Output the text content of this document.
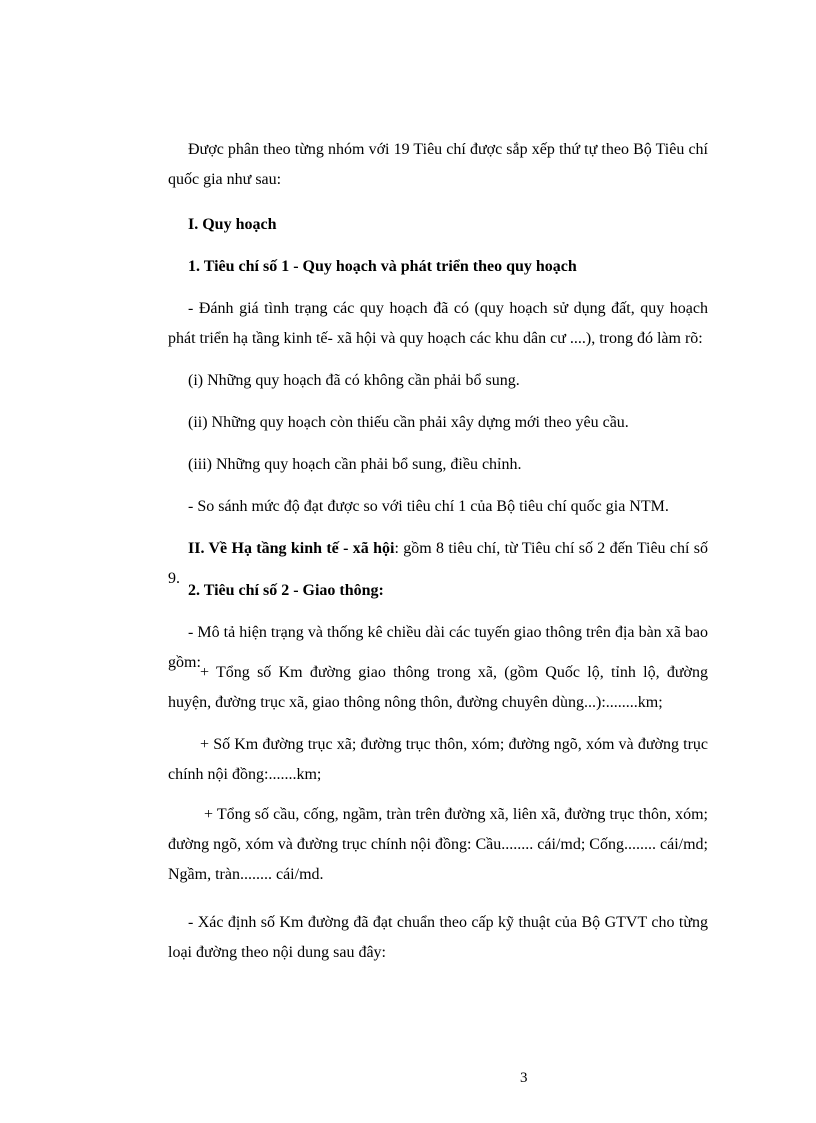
Được phân theo từng nhóm với 19 Tiêu chí được sắp xếp thứ tự theo Bộ Tiêu chí quốc gia như sau:

I. Quy hoạch

1. Tiêu chí số 1 - Quy hoạch và phát triển theo quy hoạch

- Đánh giá tình trạng các quy hoạch đã có (quy hoạch sử dụng đất, quy hoạch phát triển hạ tầng kinh tế- xã hội và quy hoạch các khu dân cư ....), trong đó làm rõ:

(i) Những quy hoạch đã có không cần phải bổ sung.

(ii) Những quy hoạch còn thiếu cần phải xây dựng mới theo yêu cầu.

(iii) Những quy hoạch cần phải bổ sung, điều chỉnh.

- So sánh mức độ đạt được so với tiêu chí 1 của Bộ tiêu chí quốc gia NTM.

II. Về Hạ tầng kinh tế - xã hội: gồm 8 tiêu chí, từ Tiêu chí số 2 đến Tiêu chí số 9.

2. Tiêu chí số 2 - Giao thông:

- Mô tả hiện trạng và thống kê chiều dài các tuyến giao thông trên địa bàn xã bao gồm:

+ Tổng số Km đường giao thông trong xã, (gồm Quốc lộ, tỉnh lộ, đường huyện, đường trục xã, giao thông nông thôn, đường chuyên dùng...):........km;

+ Số Km đường trục xã; đường trục thôn, xóm; đường ngõ, xóm và đường trục chính nội đồng:.......km;

+ Tổng số cầu, cống, ngầm, tràn trên đường xã, liên xã, đường trục thôn, xóm; đường ngõ, xóm và đường trục chính nội đồng: Cầu........ cái/md; Cống........ cái/md; Ngầm, tràn........ cái/md.

- Xác định số Km đường đã đạt chuẩn theo cấp kỹ thuật của Bộ GTVT cho từng loại đường theo nội dung sau đây:

3
